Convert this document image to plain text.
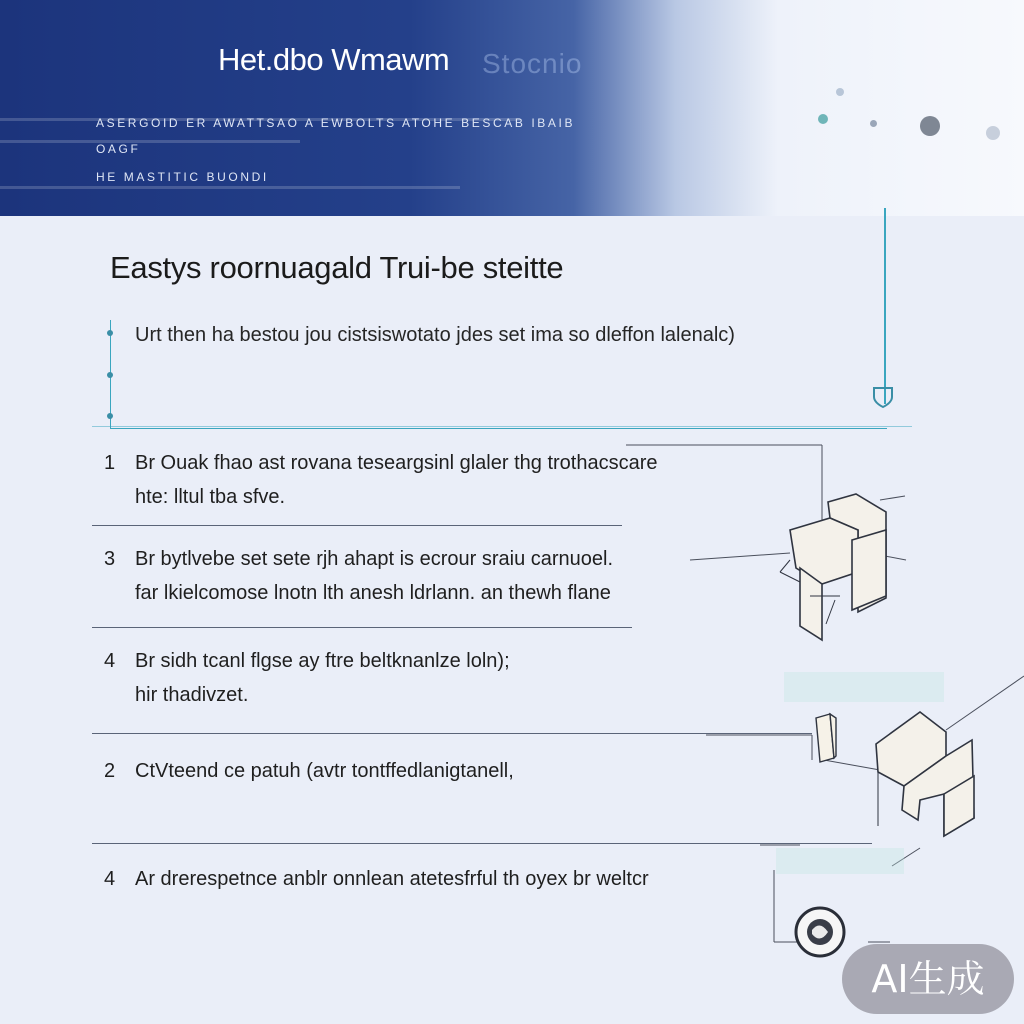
Het.dbo Wmawm Stocnio
ASERGOID ER AWATTSAO A EWBOLTS ATOHE BESCAB IBAIB
OAGF
HE MASTITIC BUONDI
Eastys roornuagald Trui-be steitte
Urt then ha bestou jou cistsiswotato jdes set ima so dleffon lalenalc)
1 Br Ouak fhao ast rovana teseargsinl glaler thg trothacscare
hte: lltul tba sfve.
3 Br bytlvebe set sete rjh ahapt is ecrour sraiu carnuoel.
far lkielcomose lnotn lth anesh ldrlann. an thewh flane
4 Br sidh tcanl flgse ay ftre beltknanlze loln);
hir thadivzet.
2 CtVteend ce patuh (avtr tontffedlanigtanell,
4 Ar drerespetnce anblr onnlean atetesfrful th oyex br weltcr
AI生成
